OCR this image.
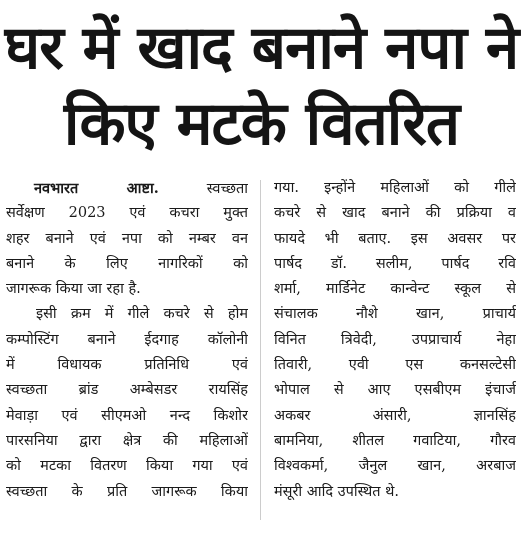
घर में खाद बनाने नपा ने
किए मटके वितरित
नवभारत आष्टा.	स्वच्छता
सर्वेक्षण 2023 एवं कचरा मुक्त
शहर बनाने एवं नपा को नम्बर वन
बनाने के लिए नागरिकों को
जागरूक किया जा रहा है.
इसी क्रम में गीले कचरे से होम
कम्पोस्टिंग बनाने ईदगाह कॉलोनी
में विधायक प्रतिनिधि एवं
स्वच्छता ब्रांड अम्बेसडर रायसिंह
मेवाड़ा एवं सीएमओ नन्द किशोर
पारसनिया द्वारा क्षेत्र की महिलाओं
को मटका वितरण किया गया एवं
स्वच्छता के प्रति जागरूक किया
गया. इन्होंने महिलाओं को गीले
कचरे से खाद बनाने की प्रक्रिया व
फायदे भी बताए. इस अवसर पर
पार्षद डॉ. सलीम, पार्षद रवि
शर्मा, मार्डिनेट कान्वेन्ट स्कूल से
संचालक नौशे खान, प्राचार्य
विनित त्रिवेदी, उपप्राचार्य नेहा
तिवारी, एवी एस कनसल्टेसी
भोपाल से आए एसबीएम इंचार्ज
अकबर अंसारी, ज्ञानसिंह
बामनिया, शीतल गवाटिया, गौरव
विश्वकर्मा, जैनुल खान, अरबाज
मंसूरी आदि उपस्थित थे.
